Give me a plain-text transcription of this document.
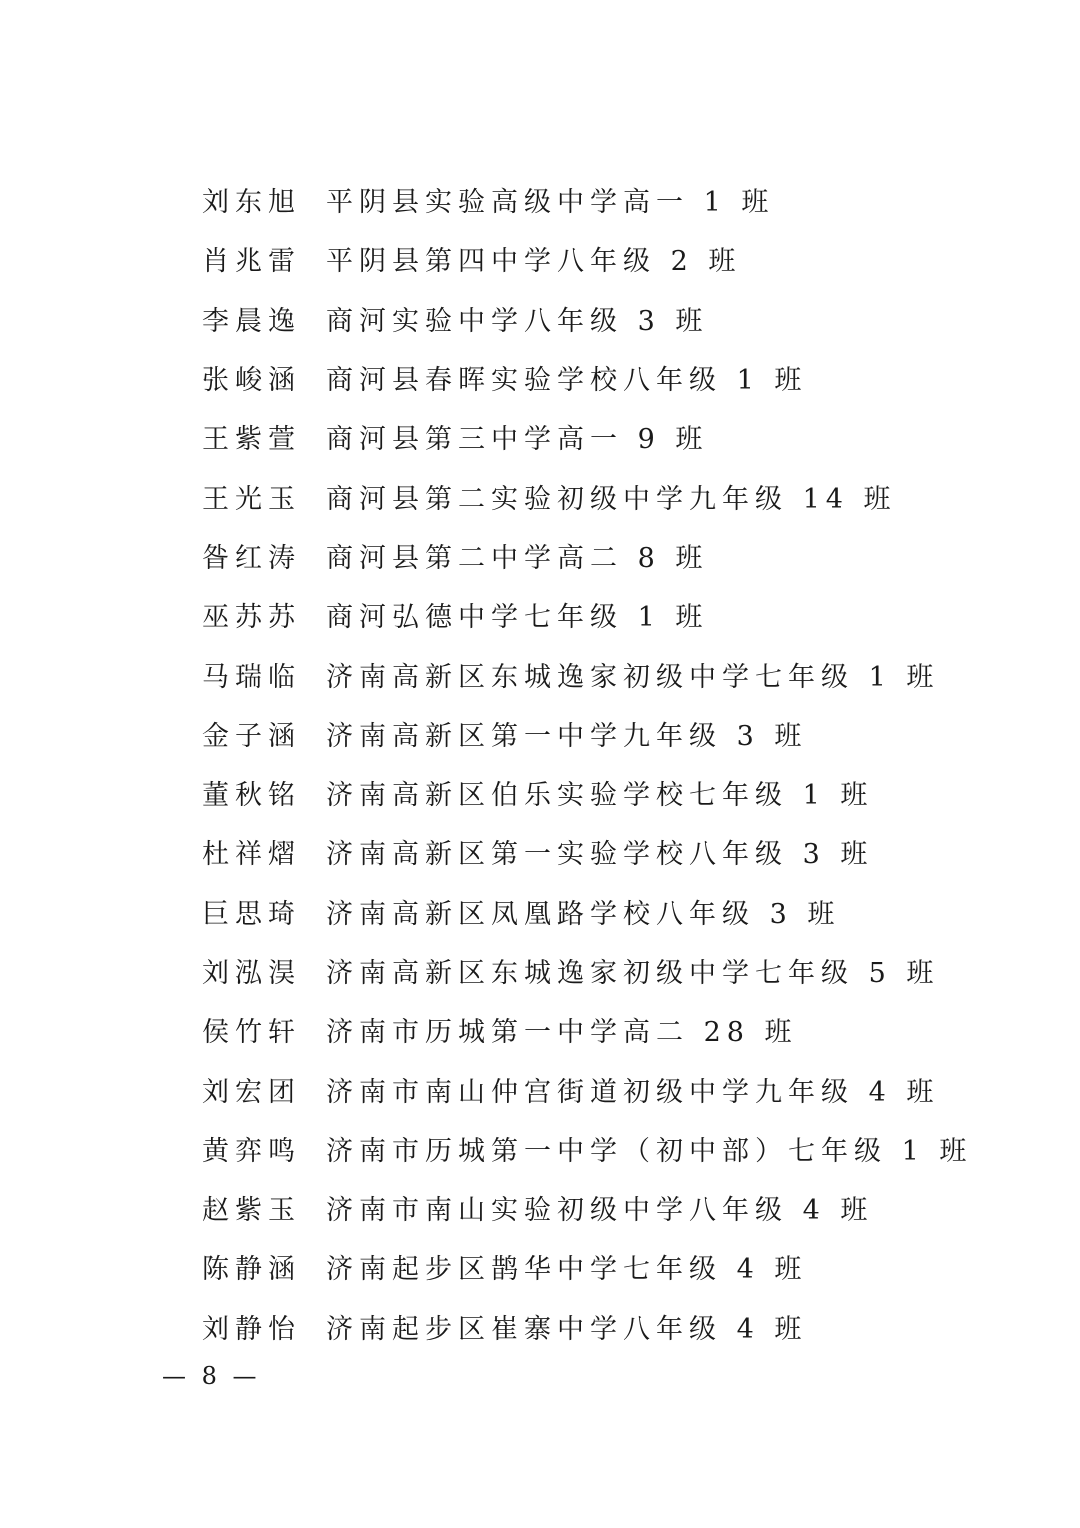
刘东旭 平阴县实验高级中学高一 1 班
肖兆雷 平阴县第四中学八年级 2 班
李晨逸 商河实验中学八年级 3 班
张峻涵 商河县春晖实验学校八年级 1 班
王紫萱 商河县第三中学高一 9 班
王光玉 商河县第二实验初级中学九年级 14 班
昝红涛 商河县第二中学高二 8 班
巫苏苏 商河弘德中学七年级 1 班
马瑞临 济南高新区东城逸家初级中学七年级 1 班
金子涵 济南高新区第一中学九年级 3 班
董秋铭 济南高新区伯乐实验学校七年级 1 班
杜祥熠 济南高新区第一实验学校八年级 3 班
巨思琦 济南高新区凤凰路学校八年级 3 班
刘泓淏 济南高新区东城逸家初级中学七年级 5 班
侯竹轩 济南市历城第一中学高二 28 班
刘宏团 济南市南山仲宫街道初级中学九年级 4 班
黄弈鸣 济南市历城第一中学（初中部）七年级 1 班
赵紫玉 济南市南山实验初级中学八年级 4 班
陈静涵 济南起步区鹊华中学七年级 4 班
刘静怡 济南起步区崔寨中学八年级 4 班
— 8 —
